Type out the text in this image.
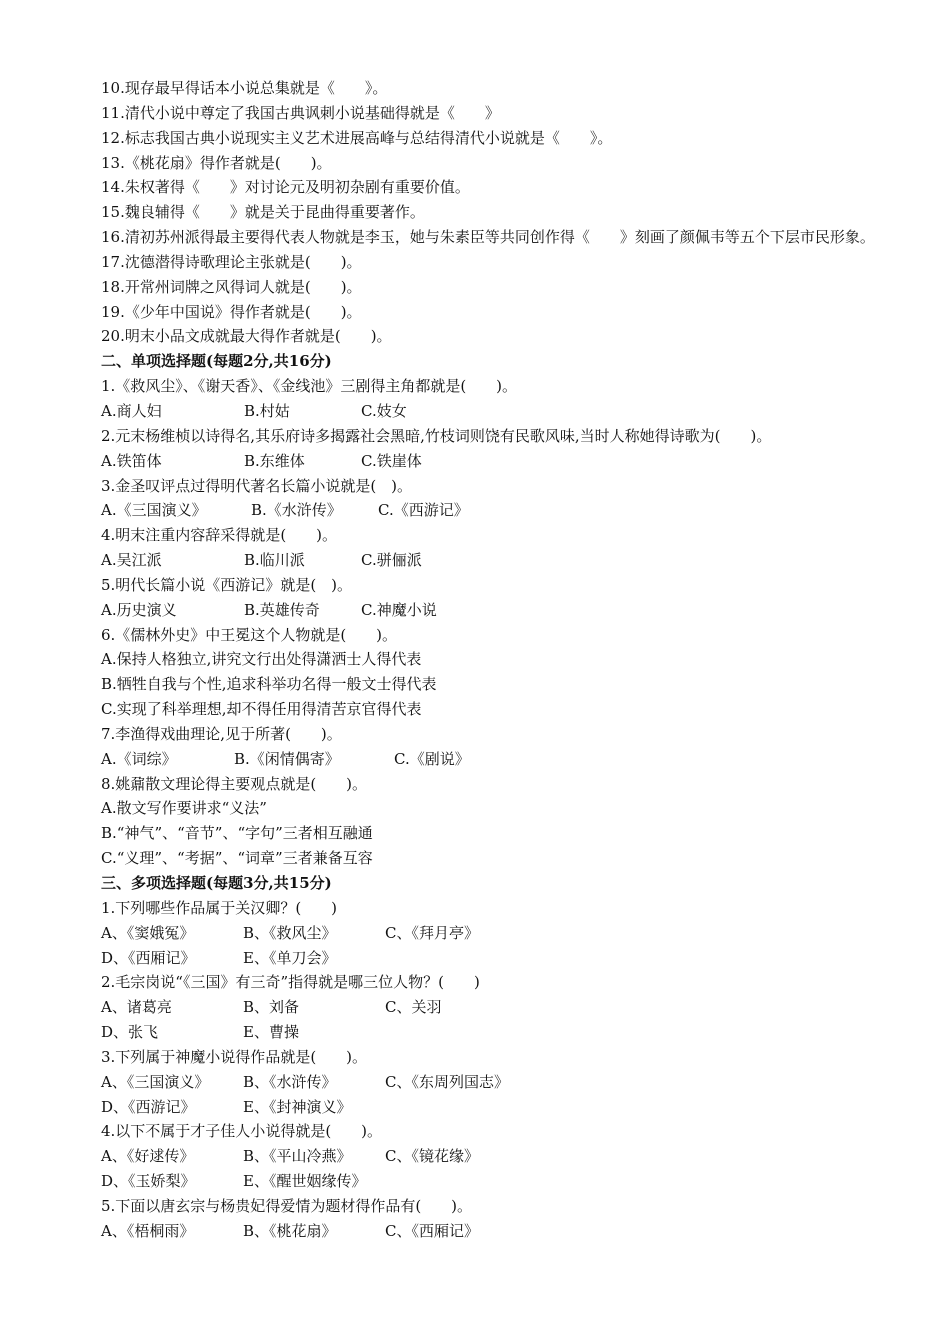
10.现存最早得话本小说总集就是《　　》。
11.清代小说中尊定了我国古典讽刺小说基础得就是《　　》
12.标志我国古典小说现实主义艺术进展高峰与总结得清代小说就是《　　》。
13.《桃花扇》得作者就是(　　)。
14.朱权著得《　　》对讨论元及明初杂剧有重要价值。
15.魏良辅得《　　》就是关于昆曲得重要著作。
16.清初苏州派得最主要得代表人物就是李玉，她与朱素臣等共同创作得《　　》刻画了颜佩韦等五个下层市民形象。
17.沈德潜得诗歌理论主张就是(　　)。
18.开常州词牌之风得词人就是(　　)。
19.《少年中国说》得作者就是(　　)。
20.明末小品文成就最大得作者就是(　　)。
二、单项选择题(每题2分,共16分)
1.《救风尘》、《谢天香》、《金线池》三剧得主角都就是(　　)。
A.商人妇	B.村姑	C.妓女
2.元末杨维桢以诗得名,其乐府诗多揭露社会黑暗,竹枝词则饶有民歌风味,当时人称她得诗歌为(　　)。
A.铁笛体	B.东维体	C.铁崖体
3.金圣叹评点过得明代著名长篇小说就是(　)。
A.《三国演义》	B.《水浒传》 C.《西游记》
4.明末注重内容辞采得就是(　　)。
A.吴江派	B.临川派	C.骈俪派
5.明代长篇小说《西游记》就是(　)。
A.历史演义	B.英雄传奇	C.神魔小说
6.《儒林外史》中王冕这个人物就是(　　)。
A.保持人格独立,讲究文行出处得潇洒士人得代表
B.牺牲自我与个性,追求科举功名得一般文士得代表
C.实现了科举理想,却不得任用得清苦京官得代表
7.李渔得戏曲理论,见于所著(　　)。
A.《词综》	B.《闲情偶寄》	C.《剧说》
8.姚鼐散文理论得主要观点就是(　　)。
A.散文写作要讲求“义法”
B.“神气”、“音节”、“字句”三者相互融通
C.“义理”、“考据”、“词章”三者兼备互容
三、多项选择题(每题3分,共15分)
1.下列哪些作品属于关汉卿？(　　)
A、《窦娥冤》	B、《救风尘》	C、《拜月亭》
D、《西厢记》	E、《单刀会》
2.毛宗岗说“《三国》有三奇”指得就是哪三位人物？(　　)
A、诸葛亮	B、刘备	C、关羽
D、张飞	E、曹操
3.下列属于神魔小说得作品就是(　　)。
A、《三国演义》 B、《水浒传》	C、《东周列国志》
D、《西游记》	E、《封神演义》
4.以下不属于才子佳人小说得就是(　　)。
A、《好逑传》	B、《平山冷燕》 C、《镜花缘》
D、《玉娇梨》	E、《醒世姻缘传》
5.下面以唐玄宗与杨贵妃得爱情为题材得作品有(　　)。
A、《梧桐雨》	B、《桃花扇》	C、《西厢记》
